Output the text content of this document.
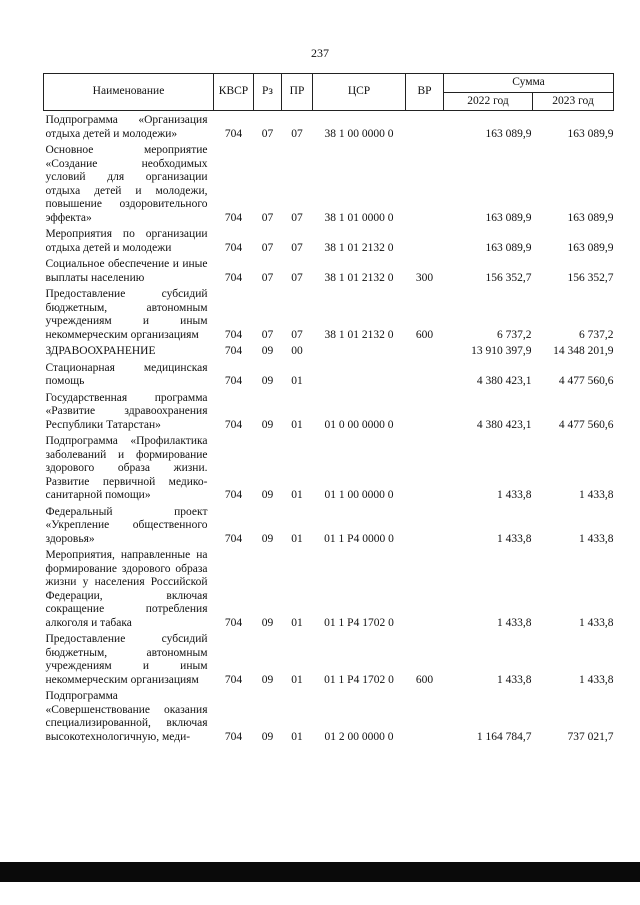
237
Наименование	КВСР	Рз	ПР	ЦСР	ВР	Сумма	
						2022 год	2023 год
Подпрограмма «Организация отдыха детей и молодежи»	704	07	07	38 1 00 0000 0		163 089,9	163 089,9
Основное мероприятие «Создание необходимых условий для организации отдыха детей и молодежи, повышение оздоровительного эффекта»	704	07	07	38 1 01 0000 0		163 089,9	163 089,9
Мероприятия по организации отдыха детей и молодежи	704	07	07	38 1 01 2132 0		163 089,9	163 089,9
Социальное обеспечение и иные выплаты населению	704	07	07	38 1 01 2132 0	300	156 352,7	156 352,7
Предоставление субсидий бюджетным, автономным учреждениям и иным некоммерческим организациям	704	07	07	38 1 01 2132 0	600	6 737,2	6 737,2
ЗДРАВООХРАНЕНИЕ	704	09	00			13 910 397,9	14 348 201,9
Стационарная медицинская помощь	704	09	01			4 380 423,1	4 477 560,6
Государственная программа «Развитие здравоохранения Республики Татарстан»	704	09	01	01 0 00 0000 0		4 380 423,1	4 477 560,6
Подпрограмма «Профилактика заболеваний и формирование здорового образа жизни. Развитие первичной медико-санитарной помощи»	704	09	01	01 1 00 0000 0		1 433,8	1 433,8
Федеральный проект «Укрепление общественного здоровья»	704	09	01	01 1 P4 0000 0		1 433,8	1 433,8
Мероприятия, направленные на формирование здорового образа жизни у населения Российской Федерации, включая сокращение потребления алкоголя и табака	704	09	01	01 1 P4 1702 0		1 433,8	1 433,8
Предоставление субсидий бюджетным, автономным учреждениям и иным некоммерческим организациям	704	09	01	01 1 P4 1702 0	600	1 433,8	1 433,8
Подпрограмма «Совершенствование оказания специализированной, включая высокотехнологичную, меди-	704	09	01	01 2 00 0000 0		1 164 784,7	737 021,7
